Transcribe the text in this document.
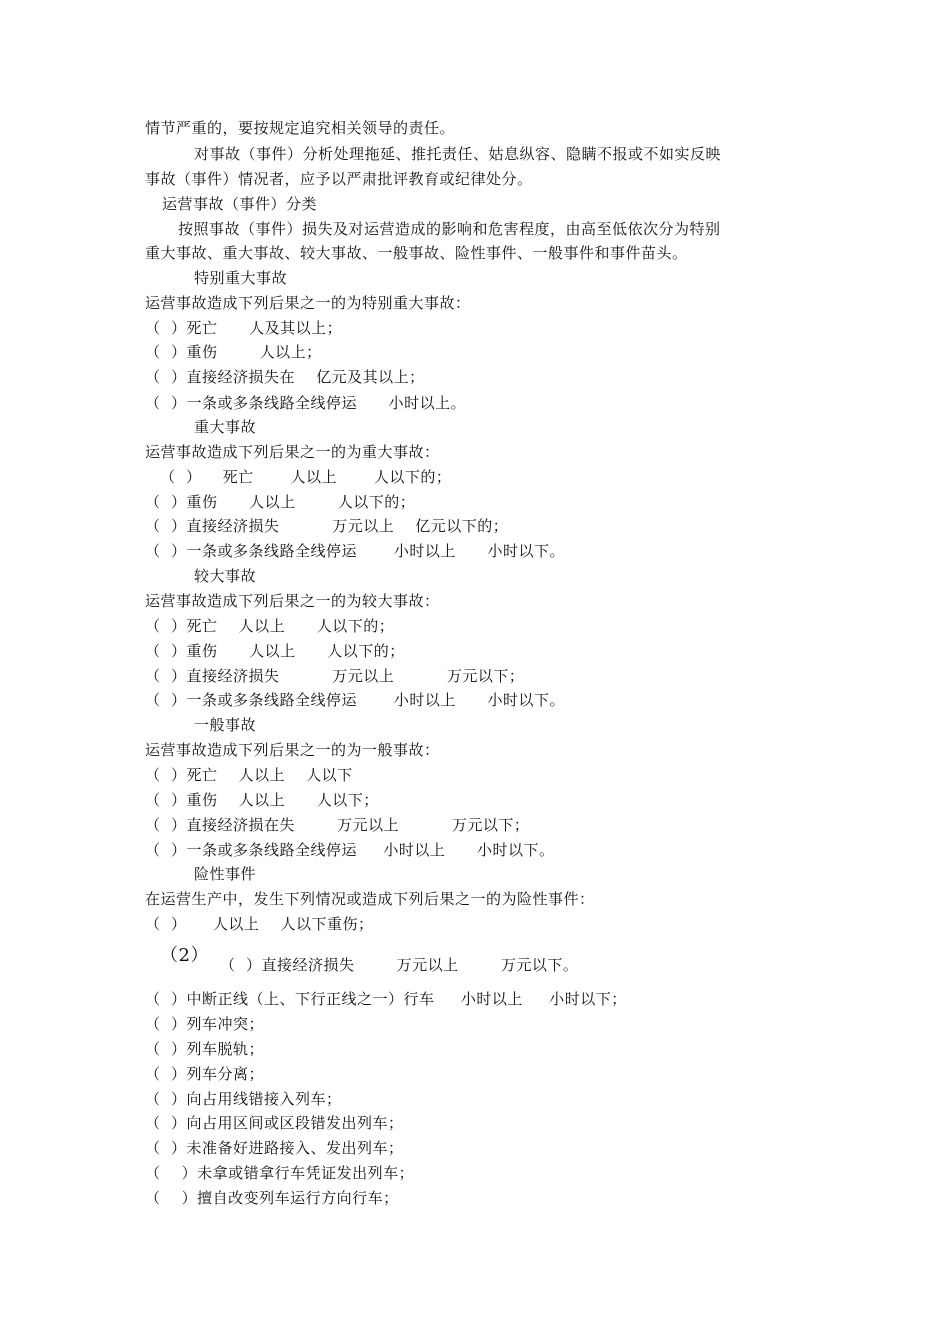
（2）
情节严重的，要按规定追究相关领导的责任。
对事故（事件）分析处理拖延、推托责任、姑息纵容、隐瞒不报或不如实反映
事故（事件）情况者，应予以严肃批评教育或纪律处分。
运营事故（事件）分类
按照事故（事件）损失及对运营造成的影响和危害程度，由高至低依次分为特别
重大事故、重大事故、较大事故、一般事故、险性事件、一般事件和事件苗头。
特别重大事故
运营事故造成下列后果之一的为特别重大事故：
（  ）死亡      人及其以上；
（  ）重伤        人以上；
（  ）直接经济损失在    亿元及其以上；
（  ）一条或多条线路全线停运      小时以上。
重大事故
运营事故造成下列后果之一的为重大事故：
（  ）    死亡       人以上       人以下的；
（  ）重伤      人以上        人以下的；
（  ）直接经济损失          万元以上    亿元以下的；
（  ）一条或多条线路全线停运       小时以上      小时以下。
较大事故
运营事故造成下列后果之一的为较大事故：
（  ）死亡    人以上      人以下的；
（  ）重伤      人以上      人以下的；
（  ）直接经济损失          万元以上          万元以下；
（  ）一条或多条线路全线停运       小时以上      小时以下。
一般事故
运营事故造成下列后果之一的为一般事故：
（  ）死亡    人以上    人以下
（  ）重伤    人以上      人以下；
（  ）直接经济损在失        万元以上          万元以下；
（  ）一条或多条线路全线停运     小时以上      小时以下。
险性事件
在运营生产中，发生下列情况或造成下列后果之一的为险性事件：
（  ）     人以上    人以下重伤；
（  ）直接经济损失        万元以上        万元以下。
（  ）中断正线（上、下行正线之一）行车     小时以上     小时以下；
（  ）列车冲突；
（  ）列车脱轨；
（  ）列车分离；
（  ）向占用线错接入列车；
（  ）向占用区间或区段错发出列车；
（  ）未准备好进路接入、发出列车；
（    ）未拿或错拿行车凭证发出列车；
（    ）擅自改变列车运行方向行车；
